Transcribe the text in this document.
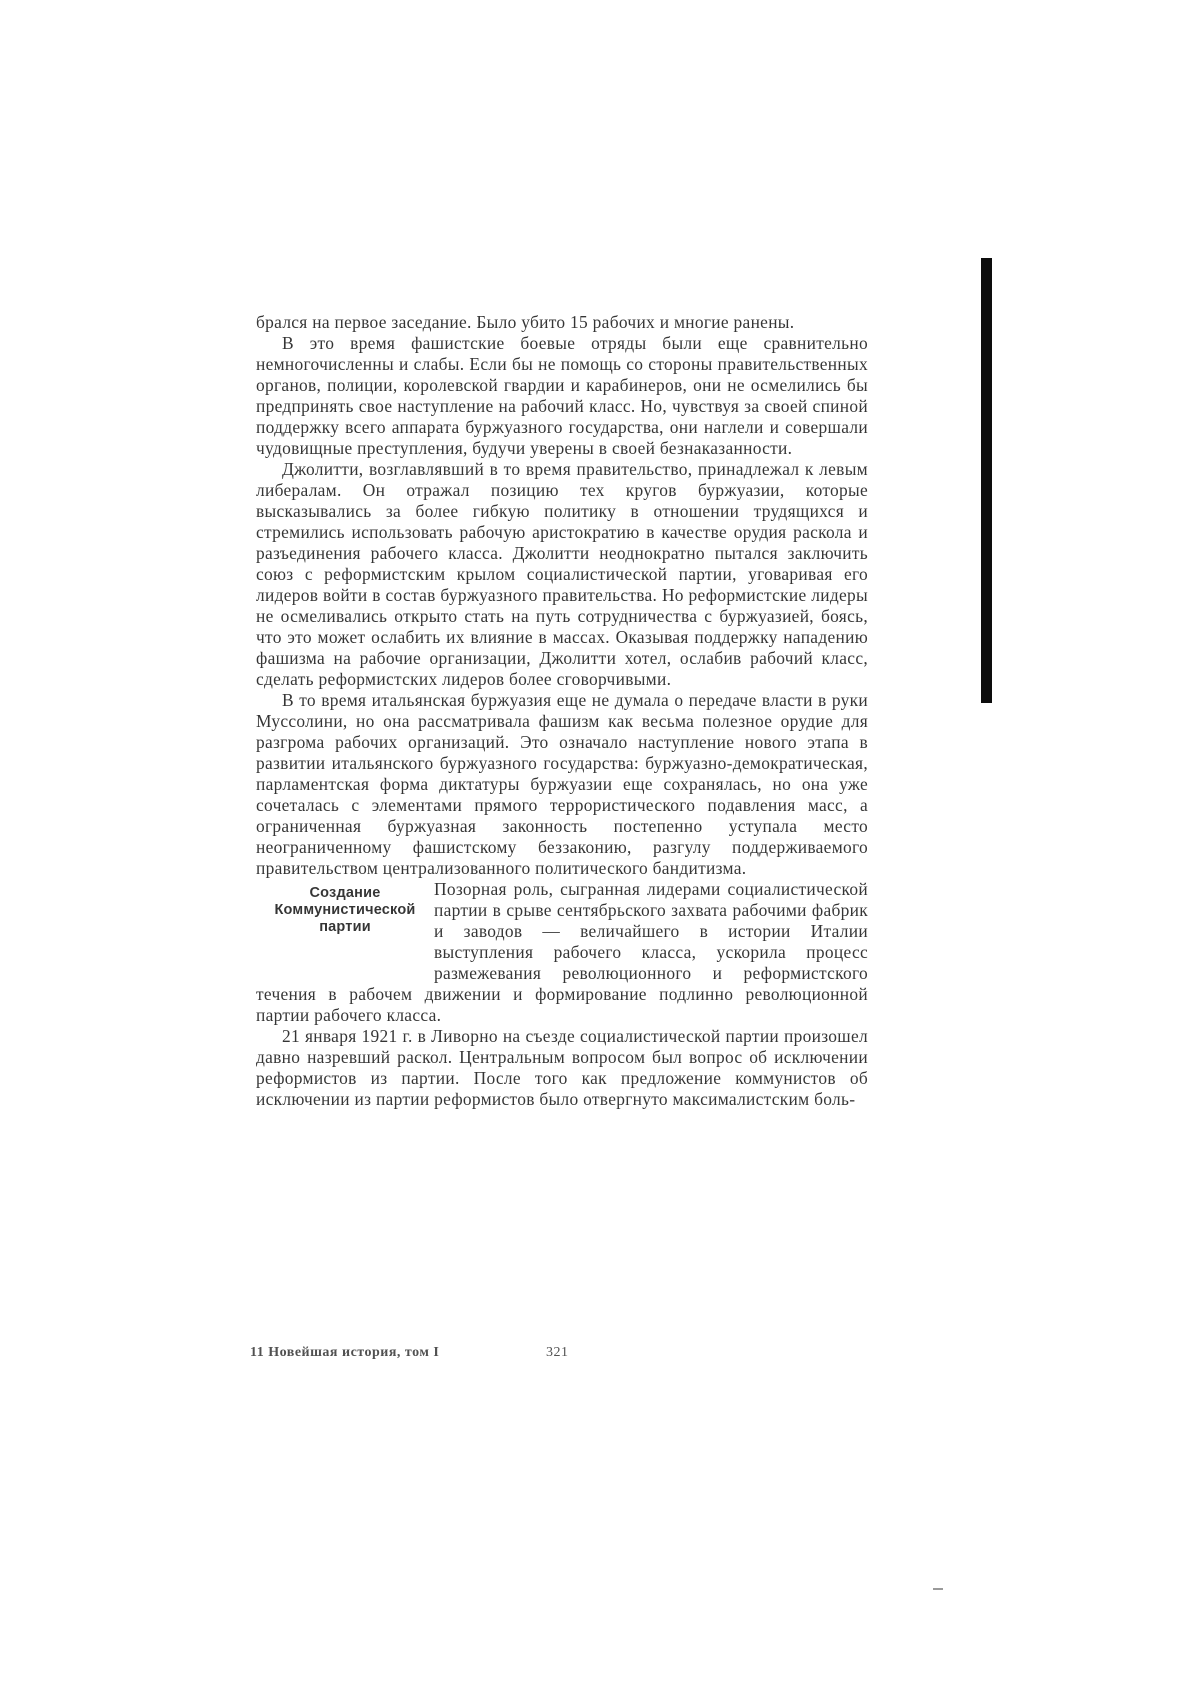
брался на первое заседание. Было убито 15 рабочих и многие ранены.

В это время фашистские боевые отряды были еще сравнительно немногочисленны и слабы. Если бы не помощь со стороны правительственных органов, полиции, королевской гвардии и карабинеров, они не осмелились бы предпринять свое наступление на рабочий класс. Но, чувствуя за своей спиной поддержку всего аппарата буржуазного государства, они наглели и совершали чудовищные преступления, будучи уверены в своей безнаказанности.

Джолитти, возглавлявший в то время правительство, принадлежал к левым либералам. Он отражал позицию тех кругов буржуазии, которые высказывались за более гибкую политику в отношении трудящихся и стремились использовать рабочую аристократию в качестве орудия раскола и разъединения рабочего класса. Джолитти неоднократно пытался заключить союз с реформистским крылом социалистической партии, уговаривая его лидеров войти в состав буржуазного правительства. Но реформистские лидеры не осмеливались открыто стать на путь сотрудничества с буржуазией, боясь, что это может ослабить их влияние в массах. Оказывая поддержку нападению фашизма на рабочие организации, Джолитти хотел, ослабив рабочий класс, сделать реформистских лидеров более сговорчивыми.

В то время итальянская буржуазия еще не думала о передаче власти в руки Муссолини, но она рассматривала фашизм как весьма полезное орудие для разгрома рабочих организаций. Это означало наступление нового этапа в развитии итальянского буржуазного государства: буржуазно-демократическая, парламентская форма диктатуры буржуазии еще сохранялась, но она уже сочеталась с элементами прямого террористического подавления масс, а ограниченная буржуазная законность постепенно уступала место неограниченному фашистскому беззаконию, разгулу поддерживаемого правительством централизованного политического бандитизма.

Создание
Коммунистической
партии

Позорная роль, сыгранная лидерами социалистической партии в срыве сентябрьского захвата рабочими фабрик и заводов — величайшего в истории Италии выступления рабочего класса, ускорила процесс размежевания революционного и реформистского течения в рабочем движении и формирование подлинно революционной партии рабочего класса.

21 января 1921 г. в Ливорно на съезде социалистической партии произошел давно назревший раскол. Центральным вопросом был вопрос об исключении реформистов из партии. После того как предложение коммунистов об исключении из партии реформистов было отвергнуто максималистским боль-

11 Новейшая история, том I	321
